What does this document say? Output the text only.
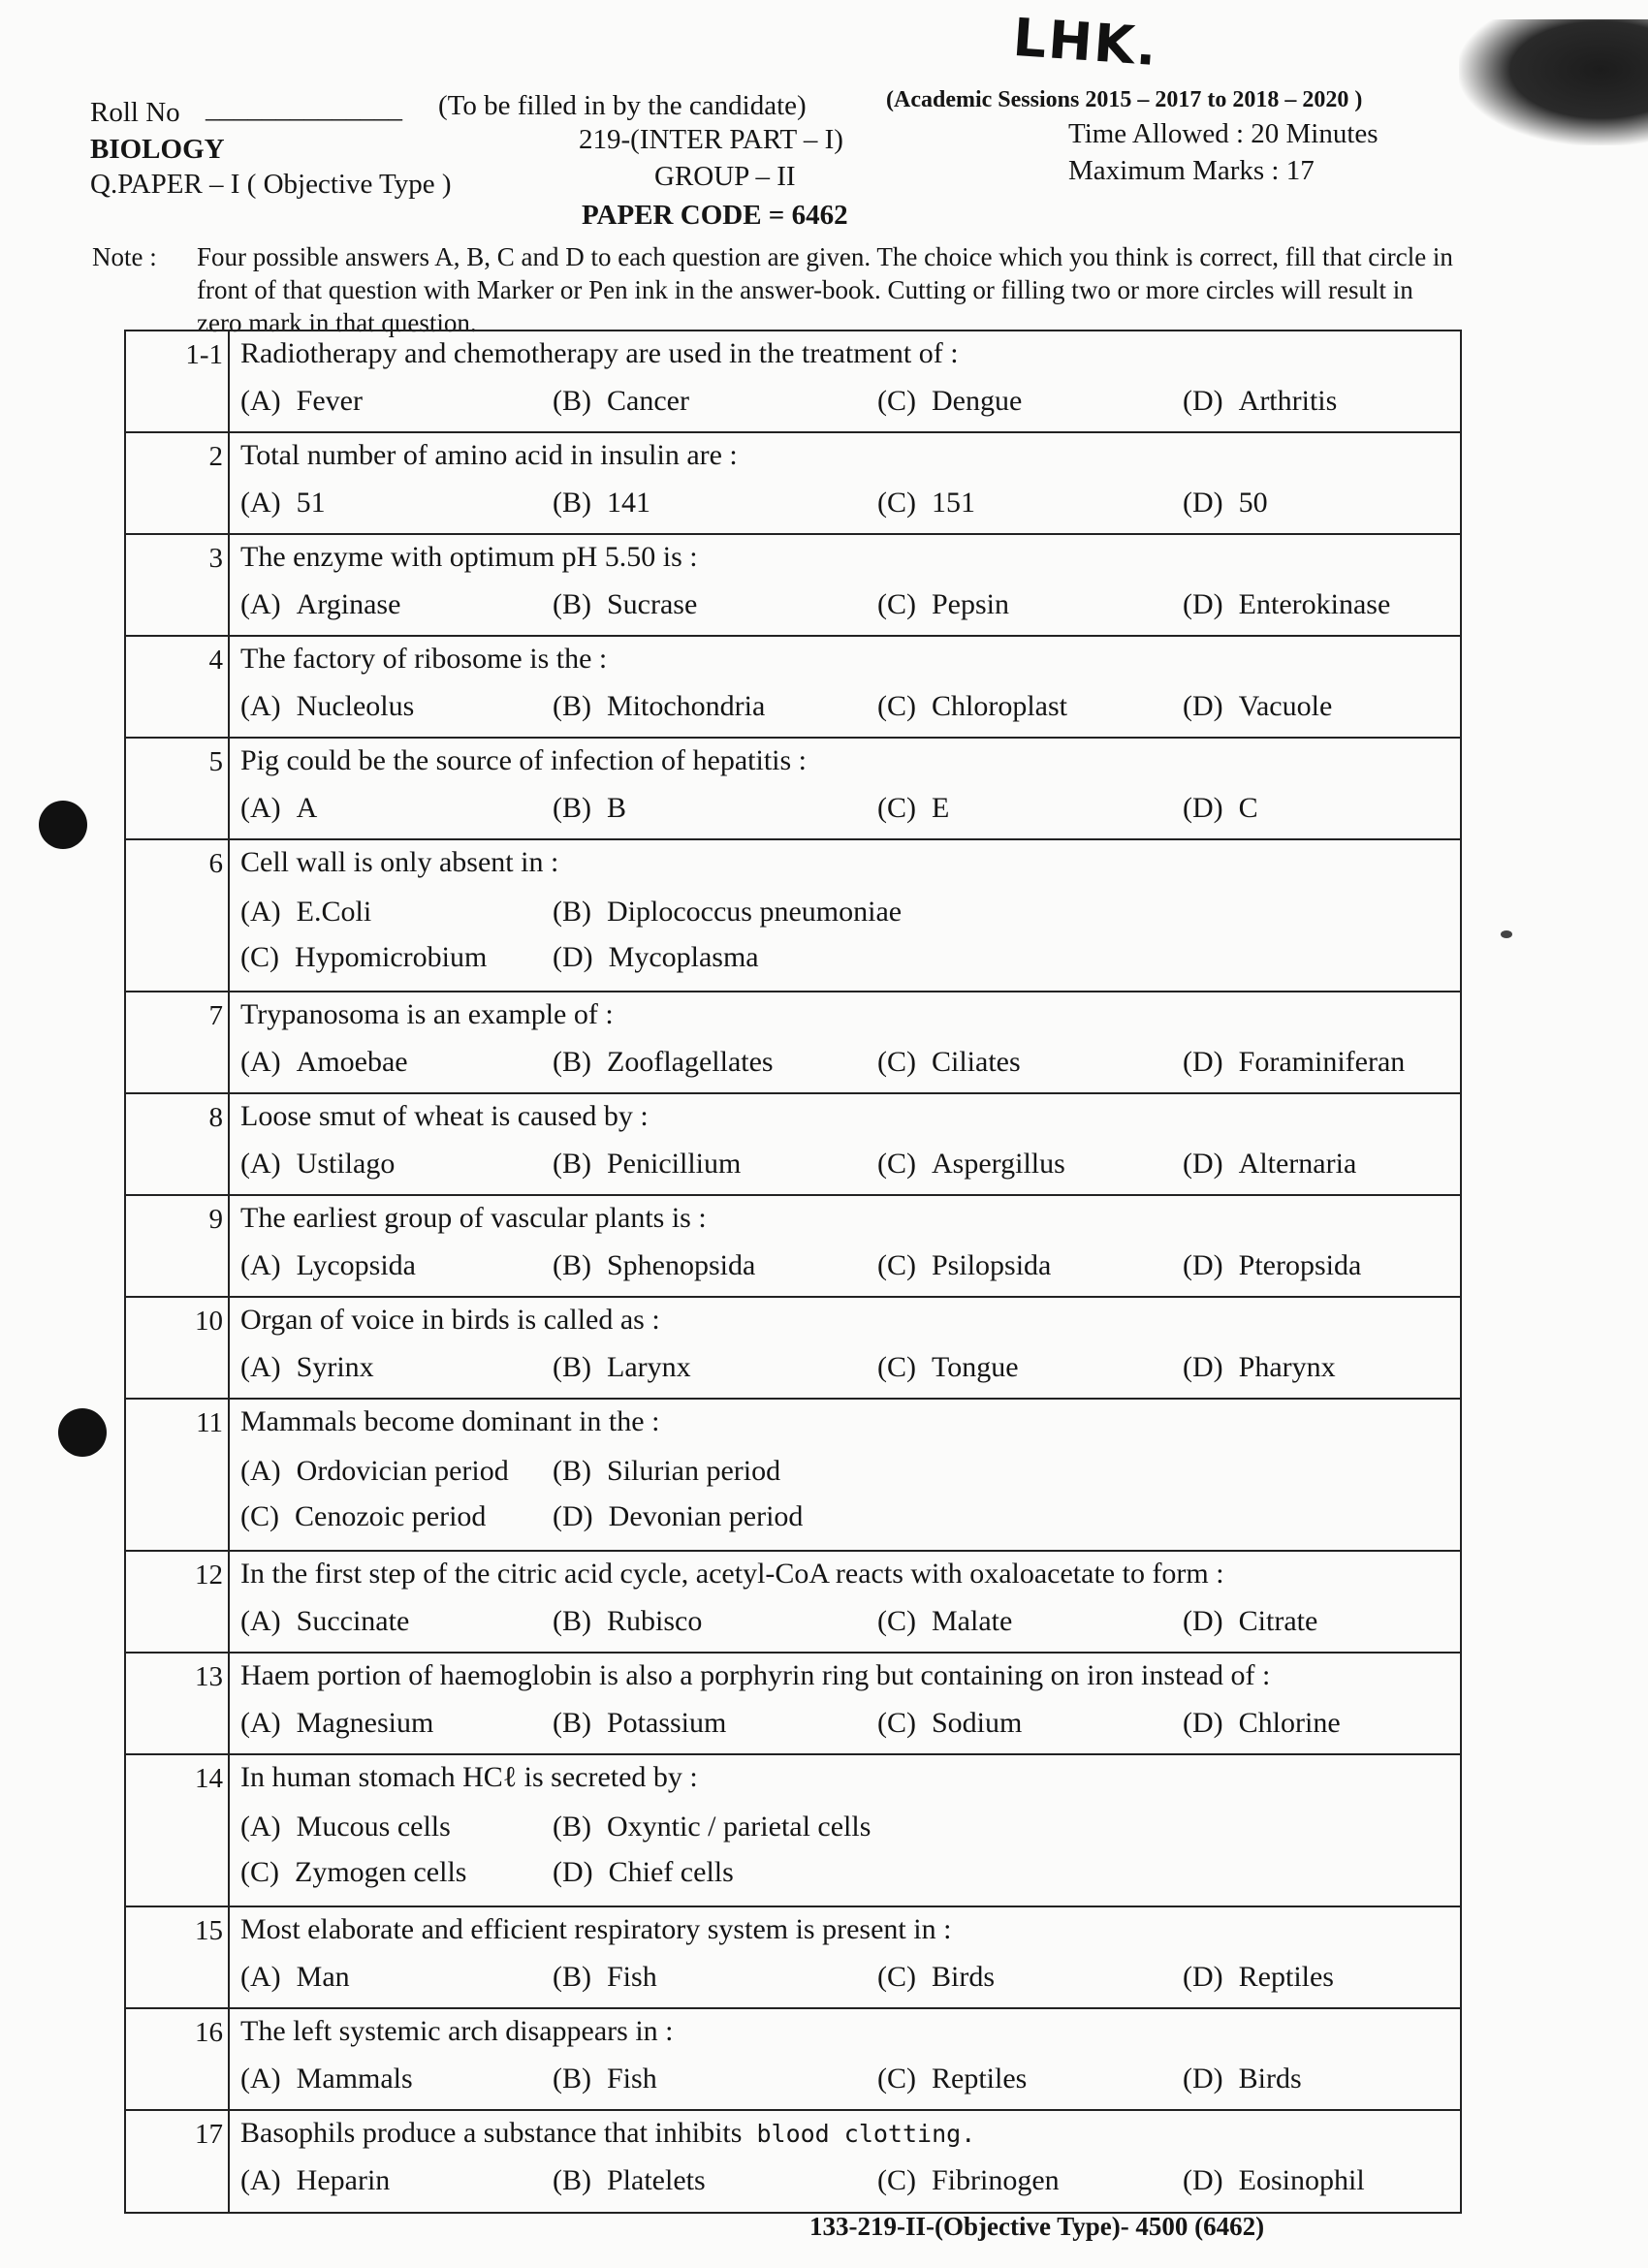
LHK.
Roll No ______________ (To be filled in by the candidate)	(Academic Sessions 2015 – 2017 to 2018 – 2020 )
BIOLOGY	219-(INTER PART – I)	Time Allowed : 20 Minutes
Q.PAPER – I ( Objective Type )	GROUP – II	Maximum Marks : 17
PAPER CODE = 6462
Note : Four possible answers A, B, C and D to each question are given. The choice which you think is correct, fill that circle in front of that question with Marker or Pen ink in the answer-book. Cutting or filling two or more circles will result in zero mark in that question.
1-1 Radiotherapy and chemotherapy are used in the treatment of :
(A) Fever	(B) Cancer	(C) Dengue	(D) Arthritis
2 Total number of amino acid in insulin are :
(A) 51	(B) 141	(C) 151	(D) 50
3 The enzyme with optimum pH 5.50 is :
(A) Arginase	(B) Sucrase	(C) Pepsin	(D) Enterokinase
4 The factory of ribosome is the :
(A) Nucleolus	(B) Mitochondria	(C) Chloroplast	(D) Vacuole
5 Pig could be the source of infection of hepatitis :
(A) A	(B) B	(C) E	(D) C
6 Cell wall is only absent in :
(A) E.Coli	(B) Diplococcus pneumoniae
(C) Hypomicrobium (D) Mycoplasma
7 Trypanosoma is an example of :
(A) Amoebae	(B) Zooflagellates	(C) Ciliates	(D) Foraminiferan
8 Loose smut of wheat is caused by :
(A) Ustilago	(B) Penicillium	(C) Aspergillus	(D) Alternaria
9 The earliest group of vascular plants is :
(A) Lycopsida	(B) Sphenopsida	(C) Psilopsida	(D) Pteropsida
10 Organ of voice in birds is called as :
(A) Syrinx	(B) Larynx	(C) Tongue	(D) Pharynx
11 Mammals become dominant in the :
(A) Ordovician period (B) Silurian period
(C) Cenozoic period (D) Devonian period
12 In the first step of the citric acid cycle, acetyl-CoA reacts with oxaloacetate to form :
(A) Succinate	(B) Rubisco	(C) Malate	(D) Citrate
13 Haem portion of haemoglobin is also a porphyrin ring but containing on iron instead of :
(A) Magnesium	(B) Potassium	(C) Sodium	(D) Chlorine
14 In human stomach HCℓ is secreted by :
(A) Mucous cells	(B) Oxyntic / parietal cells
(C) Zymogen cells	(D) Chief cells
15 Most elaborate and efficient respiratory system is present in :
(A) Man	(B) Fish	(C) Birds	(D) Reptiles
16 The left systemic arch disappears in :
(A) Mammals	(B) Fish	(C) Reptiles	(D) Birds
17 Basophils produce a substance that inhibits blood clotting.
(A) Heparin	(B) Platelets	(C) Fibrinogen	(D) Eosinophil
133-219-II-(Objective Type)- 4500 (6462)
